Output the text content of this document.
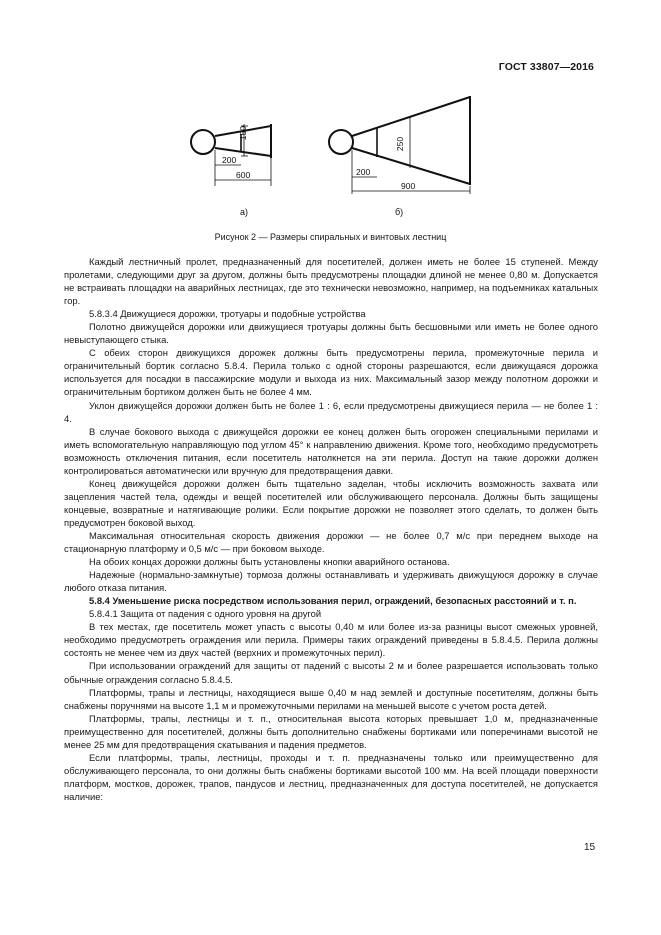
ГОСТ 33807—2016
150
200
600
а)
250
200
900
б)
Рисунок 2 — Размеры спиральных и винтовых лестниц

Каждый лестничный пролет, предназначенный для посетителей, должен иметь не более 15 ступеней. Между пролетами, следующими друг за другом, должны быть предусмотрены площадки длиной не менее 0,80 м. Допускается не встраивать площадки на аварийных лестницах, где это технически невозможно, например, на подъемниках катальных гор.

5.8.3.4 Движущиеся дорожки, тротуары и подобные устройства

Полотно движущейся дорожки или движущиеся тротуары должны быть бесшовными или иметь не более одного невыступающего стыка.

С обеих сторон движущихся дорожек должны быть предусмотрены перила, промежуточные перила и ограничительный бортик согласно 5.8.4. Перила только с одной стороны разрешаются, если движущаяся дорожка используется для посадки в пассажирские модули и выхода из них. Максимальный зазор между полотном дорожки и ограничительным бортиком должен быть не более 4 мм.

Уклон движущейся дорожки должен быть не более 1 : 6, если предусмотрены движущиеся перила — не более 1 : 4.

В случае бокового выхода с движущейся дорожки ее конец должен быть огорожен специальными перилами и иметь вспомогательную направляющую под углом 45° к направлению движения. Кроме того, необходимо предусмотреть возможность отключения питания, если посетитель натолкнется на эти перила. Доступ на такие дорожки должен контролироваться автоматически или вручную для предотвращения давки.

Конец движущейся дорожки должен быть тщательно заделан, чтобы исключить возможность захвата или зацепления частей тела, одежды и вещей посетителей или обслуживающего персонала. Должны быть защищены концевые, возвратные и натягивающие ролики. Если покрытие дорожки не позволяет этого сделать, то должен быть предусмотрен боковой выход.

Максимальная относительная скорость движения дорожки — не более 0,7 м/с при переднем выходе на стационарную платформу и 0,5 м/с — при боковом выходе.

На обоих концах дорожки должны быть установлены кнопки аварийного останова.

Надежные (нормально-замкнутые) тормоза должны останавливать и удерживать движущуюся дорожку в случае любого отказа питания.

5.8.4 Уменьшение риска посредством использования перил, ограждений, безопасных расстояний и т. п.

5.8.4.1 Защита от падения с одного уровня на другой

В тех местах, где посетитель может упасть с высоты 0,40 м или более из-за разницы высот смежных уровней, необходимо предусмотреть ограждения или перила. Примеры таких ограждений приведены в 5.8.4.5. Перила должны состоять не менее чем из двух частей (верхних и промежуточных перил).

При использовании ограждений для защиты от падений с высоты 2 м и более разрешается использовать только обычные ограждения согласно 5.8.4.5.

Платформы, трапы и лестницы, находящиеся выше 0,40 м над землей и доступные посетителям, должны быть снабжены поручнями на высоте 1,1 м и промежуточными перилами на меньшей высоте с учетом роста детей.

Платформы, трапы, лестницы и т. п., относительная высота которых превышает 1,0 м, предназначенные преимущественно для посетителей, должны быть дополнительно снабжены бортиками или поперечинами высотой не менее 25 мм для предотвращения скатывания и падения предметов.

Если платформы, трапы, лестницы, проходы и т. п. предназначены только или преимущественно для обслуживающего персонала, то они должны быть снабжены бортиками высотой 100 мм. На всей площади поверхности платформ, мостков, дорожек, трапов, пандусов и лестниц, предназначенных для доступа посетителей, не допускается наличие:

15
